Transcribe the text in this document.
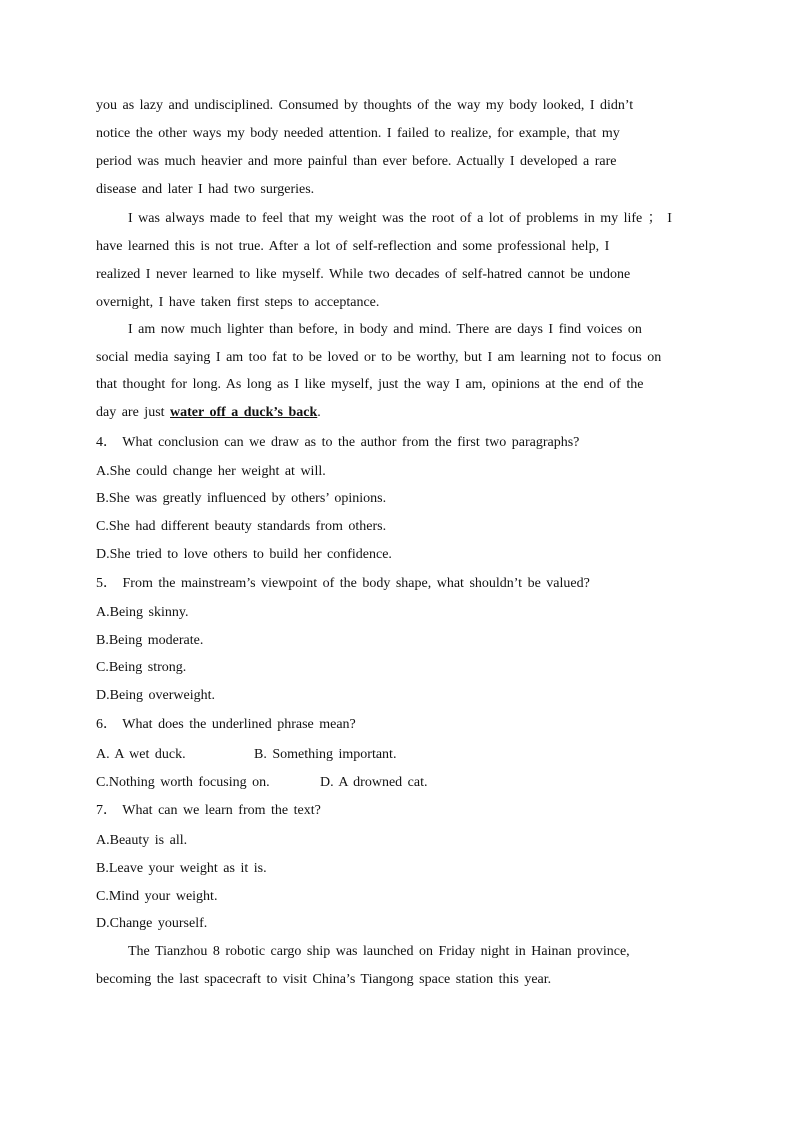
you as lazy and undisciplined. Consumed by thoughts of the way my body looked, I didn’t
notice the other ways my body needed attention. I failed to realize, for example, that my
period was much heavier and more painful than ever before. Actually I developed a rare
disease and later I had two surgeries.
I was always made to feel that my weight was the root of a lot of problems in my life ； I
have learned this is not true. After a lot of self-reflection and some professional help, I
realized I never learned to like myself. While two decades of self-hatred cannot be undone
overnight, I have taken first steps to acceptance.
I am now much lighter than before, in body and mind. There are days I find voices on
social media saying I am too fat to be loved or to be worthy, but I am learning not to focus on
that thought for long. As long as I like myself, just the way I am, opinions at the end of the
day are just water off a duck’s back.
4． What conclusion can we draw as to the author from the first two paragraphs?
A.She could change her weight at will.
B.She was greatly influenced by others’ opinions.
C.She had different beauty standards from others.
D.She tried to love others to build her confidence.
5． From the mainstream’s viewpoint of the body shape, what shouldn’t be valued?
A.Being skinny.
B.Being moderate.
C.Being strong.
D.Being overweight.
6． What does the underlined phrase mean?
A. A wet duck.	B. Something important.
C.Nothing worth focusing on.	D. A drowned cat.
7． What can we learn from the text?
A.Beauty is all.
B.Leave your weight as it is.
C.Mind your weight.
D.Change yourself.
The Tianzhou 8 robotic cargo ship was launched on Friday night in Hainan province,
becoming the last spacecraft to visit China’s Tiangong space station this year.
